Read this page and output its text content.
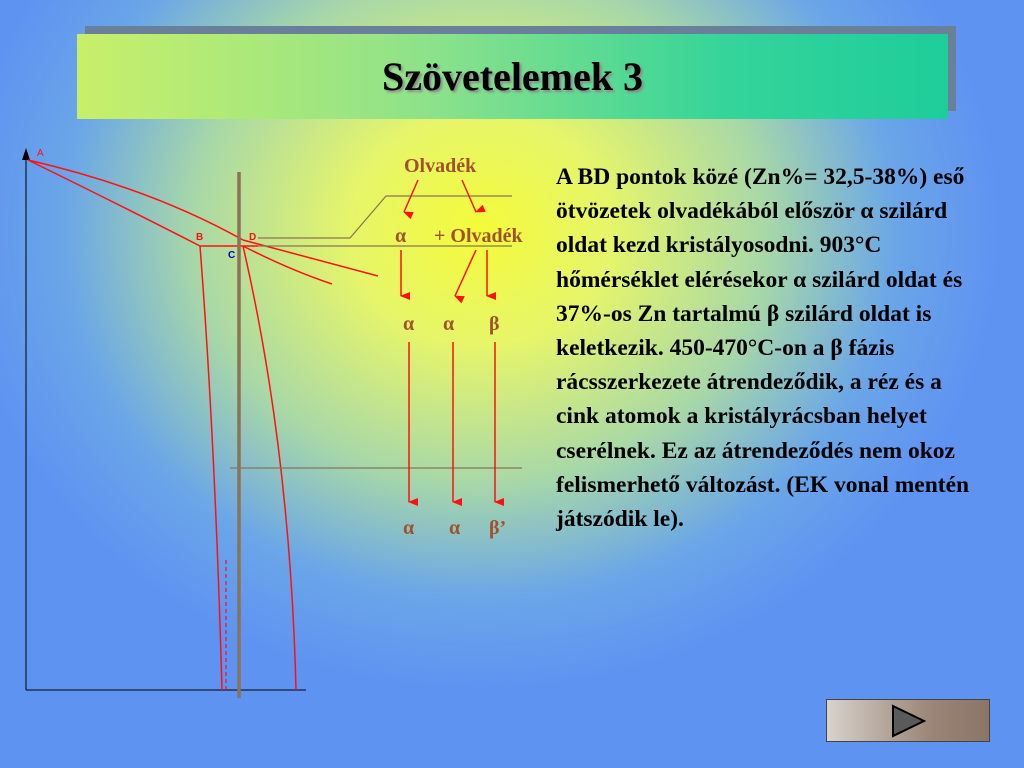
Szövetelemek 3
A
B	D
C
Olvadék
α + Olvadék
α α β
α α β’
A BD pontok közé (Zn%= 32,5-38%) eső ötvözetek olvadékából először α szilárd oldat kezd kristályosodni. 903°C hőmérséklet elérésekor α szilárd oldat és 37%-os Zn tartalmú β szilárd oldat is keletkezik. 450-470°C-on a β fázis rácsszerkezete átrendeződik, a réz és a cink atomok a kristályrácsban helyet cserélnek. Ez az átrendeződés nem okoz felismerhető változást. (EK vonal mentén játszódik le).
